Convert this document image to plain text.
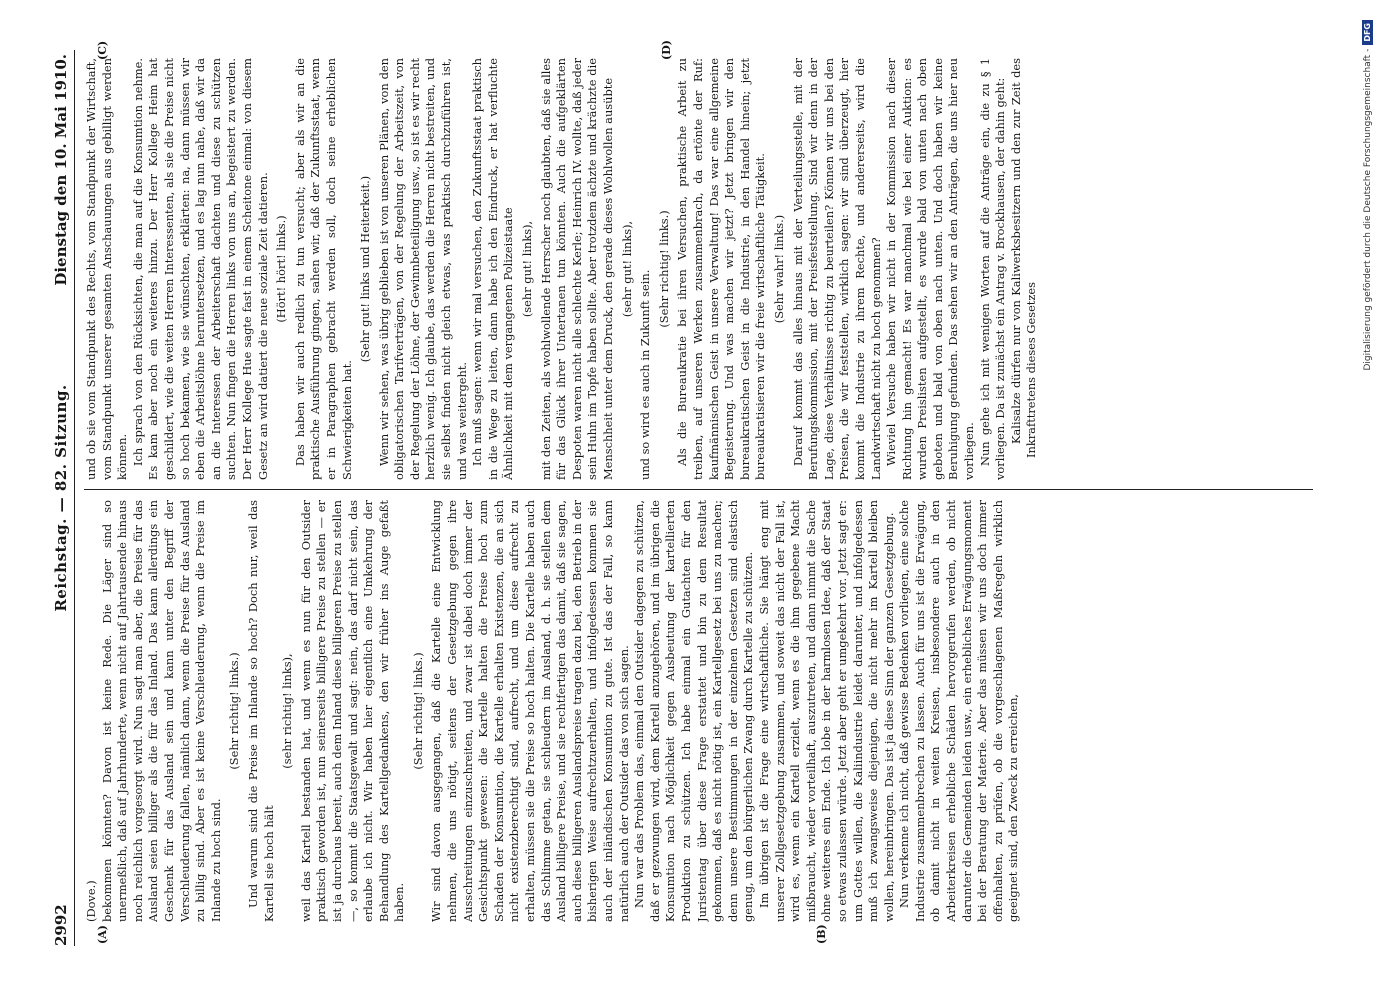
2992
Reichstag. — 82. Sitzung.
Dienstag den 10. Mai 1910.
(A)	(B)
(C)	(D)

(Dove.) bekommen könnten? Davon ist keine Rede. Die Läger sind so unermeßlich, daß auf Jahrhunderte, wenn nicht auf Jahrtausende hinaus noch reichlich vorgesorgt wird. Nun sagt man aber, die Preise für das Ausland seien billiger als die für das Inland. Das kann allerdings ein Geschenk für das Ausland sein und kann unter den Begriff der Verschleuderung fallen, nämlich dann, wenn die Preise für das Ausland zu billig sind. Aber es ist keine Verschleuderung, wenn die Preise im Inlande zu hoch sind.

(Sehr richtig! links.) Und warum sind die Preise im Inlande so hoch? Doch nur, weil das Kartell sie hoch hält

(sehr richtig! links), weil das Kartell bestanden hat, und wenn es nun für den Outsider praktisch geworden ist, nun seinerseits billigere Preise zu stellen — er ist ja durchaus bereit, auch dem Inland diese billigeren Preise zu stellen —, so kommt die Staatsgewalt und sagt: nein, das darf nicht sein, das erlaube ich nicht. Wir haben hier eigentlich eine Umkehrung der Behandlung des Kartellgedankens, den wir früher ins Auge gefaßt haben.

(Sehr richtig! links.) Wir sind davon ausgegangen, daß die Kartelle eine Entwicklung nehmen, die uns nötigt, seitens der Gesetzgebung gegen ihre Ausschreitungen einzuschreiten, und zwar ist dabei doch immer der Gesichtspunkt gewesen: die Kartelle halten die Preise hoch zum Schaden der Konsumtion, die Kartelle erhalten Existenzen, die an sich nicht existenzberechtigt sind, aufrecht, und um diese aufrecht zu erhalten, müssen sie die Preise so hoch halten. Die Kartelle haben auch das Schlimme getan, sie schleudern im Ausland, d. h. sie stellen dem Ausland billigere Preise, und sie rechtfertigen das damit, daß sie sagen, auch diese billigeren Auslandspreise tragen dazu bei, den Betrieb in der bisherigen Weise aufrechtzuerhalten, und infolgedessen kommen sie auch der inländischen Konsumtion zu gute. Ist das der Fall, so kann natürlich auch der Outsider das von sich sagen. Nun war das Problem das, einmal den Outsider dagegen zu schützen, daß er gezwungen wird, dem Kartell anzugehören, und im übrigen die Konsumtion nach Möglichkeit gegen Ausbeutung der kartellierten Produktion zu schützen. Ich habe einmal ein Gutachten für den Juristentag über diese Frage erstattet und bin zu dem Resultat gekommen, daß es nicht nötig ist, ein Kartellgesetz bei uns zu machen; denn unsere Bestimmungen in der einzelnen Gesetzen sind elastisch genug, um den bürgerlichen Zwang durch Kartelle zu schützen. Im übrigen ist die Frage eine wirtschaftliche. Sie hängt eng mit unserer Zollgesetzgebung zusammen, und soweit das nicht der Fall ist, wird es, wenn ein Kartell erzielt, wenn es die ihm gegebene Macht mißbraucht, wieder vorteilhaft, auszutreten, und dann nimmt die Sache ohne weiteres ein Ende. Ich lobe in der harmlosen Idee, daß der Staat so etwas zulassen würde. Jetzt aber geht er umgekehrt vor. Jetzt sagt er: um Gottes willen, die Kaliindustrie leidet darunter, und infolgedessen muß ich zwangsweise diejenigen, die nicht mehr im Kartell bleiben wollen, hereinbringen. Das ist ja diese Sinn der ganzen Gesetzgebung. Nun verkenne ich nicht, daß gewisse Bedenken vorliegen, eine solche Industrie zusammenbrechen zu lassen. Auch für uns ist die Erwägung, ob damit nicht in weiten Kreisen, insbesondere auch in den Arbeiterkreisen erhebliche Schäden hervorgerufen werden, ob nicht darunter die Gemeinden leiden usw., ein erhebliches Erwägungsmoment bei der Beratung der Materie. Aber das müssen wir uns doch immer offenhalten, zu prüfen, ob die vorgeschlagenen Maßregeln wirklich geeignet sind, den Zweck zu erreichen,

und ob sie vom Standpunkt des Rechts, vom Standpunkt der Wirtschaft, vom Standpunkt unserer gesamten Anschauungen aus gebilligt werden können. Ich sprach von den Rücksichten, die man auf die Konsumtion nehme. Es kam aber noch ein weiteres hinzu. Der Herr Kollege Heim hat geschildert, wie die weiten Herren Interessenten, als sie die Preise nicht so hoch bekamen, wie sie wünschten, erklärten: na, dann müssen wir eben die Arbeitslöhne heruntersetzen, und es lag nun nahe, daß wir da an die Interessen der Arbeiterschaft dachten und diese zu schützen suchten. Nun fingen die Herren links von uns an, begeistert zu werden. Der Herr Kollege Hue sagte fast in einem Scheitone einmal: von diesem Gesetz an wird datiert die neue soziale Zeit datieren. (Hört! hört! links.) Das haben wir auch redlich zu tun versucht; aber als wir an die praktische Ausführung gingen, sahen wir, daß der Zukunftsstaat, wenn er in Paragraphen gebracht werden soll, doch seine erheblichen Schwierigkeiten hat.

(Sehr gut! links und Heiterkeit.) Wenn wir sehen, was übrig geblieben ist von unseren Plänen, von den obligatorischen Tarifverträgen, von der Regelung der Arbeitszeit, von der Regelung der Löhne, der Gewinnbeteiligung usw., so ist es wir recht herzlich wenig. Ich glaube, das werden die Herren nicht bestreiten, und sie selbst finden nicht gleich etwas, was praktisch durchzuführen ist, und was weitergeht. Ich muß sagen: wenn wir mal versuchen, den Zukunftsstaat praktisch in die Wege zu leiten, dann habe ich den Eindruck, er hat verfluchte Ähnlichkeit mit dem vergangenen Polizeistaate (sehr gut! links), mit den Zeiten, als wohlwollende Herrscher noch glaubten, daß sie alles für das Glück ihrer Untertanen tun könnten. Auch die aufgeklärten Despoten waren nicht alle schlechte Kerle; Heinrich IV. wollte, daß jeder sein Huhn im Topfe haben sollte. Aber trotzdem ächzte und krächzte die Menschheit unter dem Druck, den gerade dieses Wohlwollen ausübte (sehr gut! links),

und so wird es auch in Zukunft sein.

(Sehr richtig! links.) Als die Bureaukratie bei ihren Versuchen, praktische Arbeit zu treiben, auf unseren Werken zusammenbrach, da ertönte der Ruf: kaufmännischen Geist in unsere Verwaltung! Das war eine allgemeine Begeisterung. Und was machen wir jetzt? Jetzt bringen wir den bureaukratischen Geist in die Industrie, in den Handel hinein; jetzt bureaukratisieren wir die freie wirtschaftliche Tätigkeit. (Sehr wahr! links.) Darauf kommt das alles hinaus mit der Verteilungsstelle, mit der Berufungskommission, mit der Preisfeststellung. Sind wir denn in der Lage, diese Verhältnisse richtig zu beurteilen? Können wir uns bei den Preisen, die wir feststellen, wirklich sagen: wir sind überzeugt, hier kommt die Industrie zu ihrem Rechte, und andererseits, wird die Landwirtschaft nicht zu hoch genommen? Wieviel Versuche haben wir nicht in der Kommission nach dieser Richtung hin gemacht! Es war manchmal wie bei einer Auktion: es wurden Preislisten aufgestellt, es wurde bald von unten nach oben geboten und bald von oben nach unten. Und doch haben wir keine Beruhigung gefunden. Das sehen wir an den Anträgen, die uns hier neu vorliegen. Nun gehe ich mit wenigen Worten auf die Anträge ein, die zu § 1 vorliegen. Da ist zunächst ein Antrag v. Brockhausen, der dahin geht: Kalisalze dürfen nur von Kaliwerksbesitzern und den zur Zeit des Inkrafttretens dieses Gesetzes	Digitalisierung gefördert durch die Deutsche Forschungsgemeinschaft -DFG
